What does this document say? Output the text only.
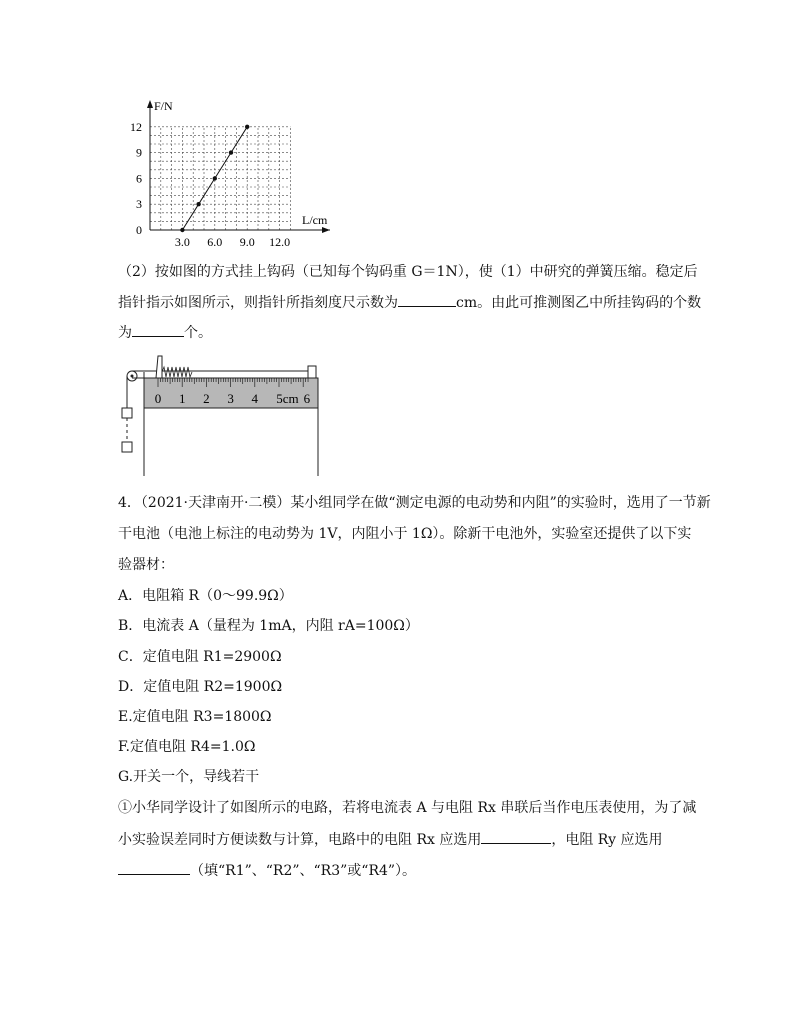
F/N
L/cm
0
3
6
9
12
3.0 6.0 9.0 12.0
（2）按如图的方式挂上钩码（已知每个钩码重 G＝1N），使（1）中研究的弹簧压缩。稳定后
指针指示如图所示，则指针所指刻度尺示数为	cm。由此可推测图乙中所挂钩码的个数
为	个。
0 1 2 3 4 5cm 6
4．（2021·天津南开·二模）某小组同学在做“测定电源的电动势和内阻”的实验时，选用了一节新
干电池（电池上标注的电动势为 1V，内阻小于 1Ω）。除新干电池外，实验室还提供了以下实
验器材：
A．电阻箱 R（0～99.9Ω）
B．电流表 A（量程为 1mA，内阻 rA=100Ω）
C．定值电阻 R1=2900Ω
D．定值电阻 R2=1900Ω
E.定值电阻 R3=1800Ω
F.定值电阻 R4=1.0Ω
G.开关一个，导线若干
①小华同学设计了如图所示的电路，若将电流表 A 与电阻 Rx 串联后当作电压表使用，为了减
小实验误差同时方便读数与计算，电路中的电阻 Rx 应选用	，电阻 Ry 应选用
（填“R1”、“R2”、“R3”或“R4”）。
